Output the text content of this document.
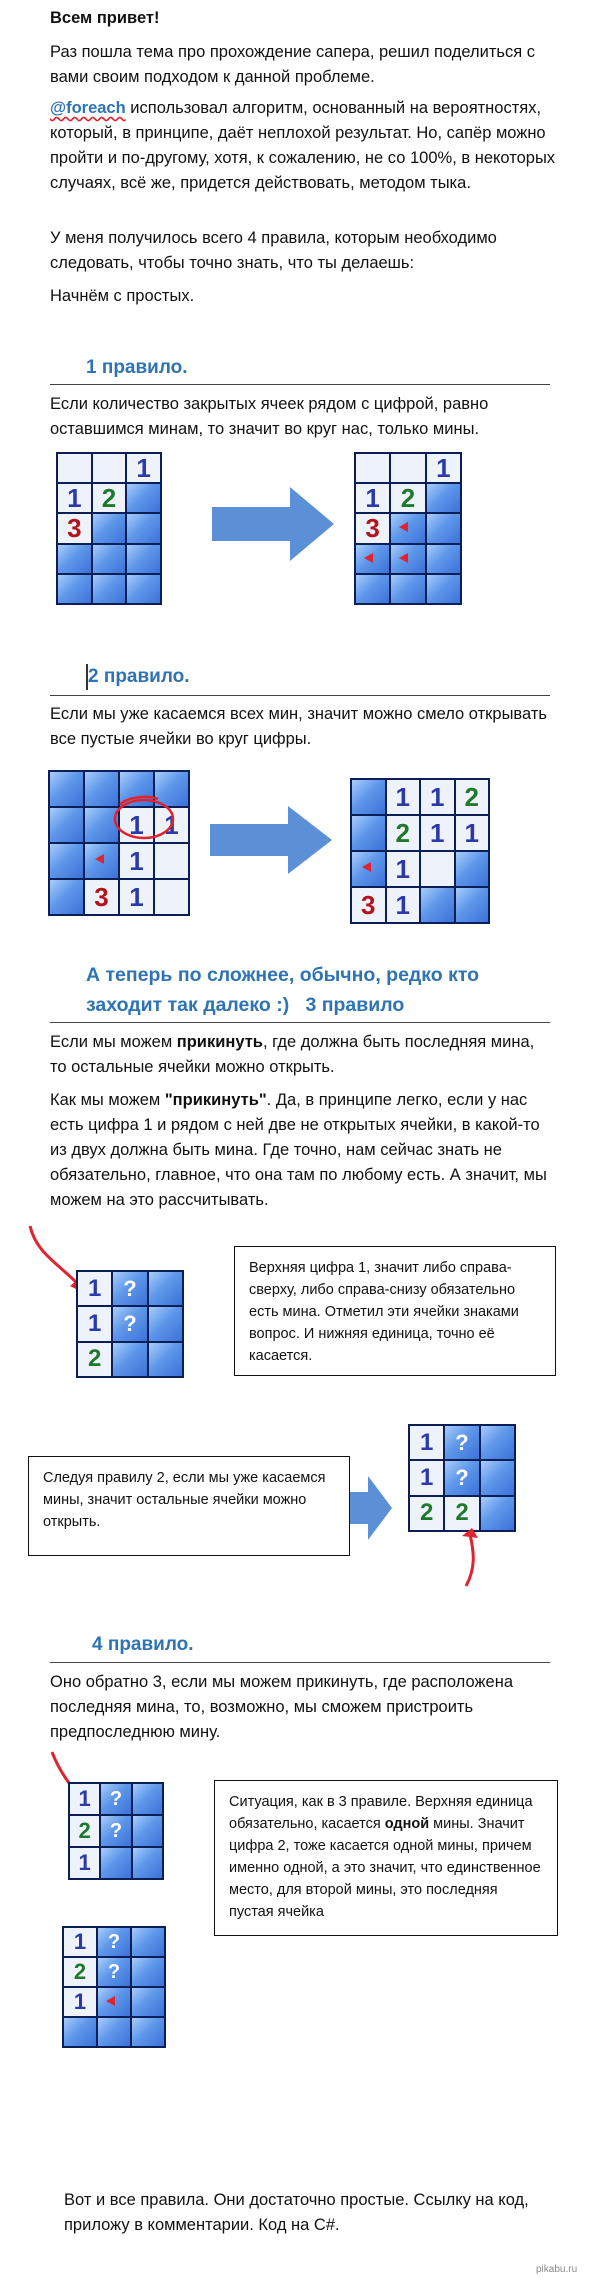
Всем привет!
Раз пошла тема про прохождение сапера, решил поделиться с вами своим подходом к данной проблеме.
@foreach использовал алгоритм, основанный на вероятностях, который, в принципе, даёт неплохой результат. Но, сапёр можно пройти и по-другому, хотя, к сожалению, не со 100%, в некоторых случаях, всё же, придется действовать, методом тыка.
У меня получилось всего 4 правила, которым необходимо следовать, чтобы точно знать, что ты делаешь:
Начнём с простых.
1 правило.
Если количество закрытых ячеек рядом с цифрой, равно оставшимся минам, то значит во круг нас, только мины.
1
1 2
3
1
1 2
3
2 правило.
Если мы уже касаемся всех мин, значит можно смело открывать все пустые ячейки во круг цифры.
1 1
1
3 1
1 1 2
2 1 1
1
3 1
А теперь по сложнее, обычно, редко кто
заходит так далеко :)   3 правило
Если мы можем прикинуть, где должна быть последняя мина, то остальные ячейки можно открыть.
Как мы можем "прикинуть". Да, в принципе легко, если у нас есть цифра 1 и рядом с ней две не открытых ячейки, в какой-то из двух должна быть мина. Где точно, нам сейчас знать не обязательно, главное, что она там по любому есть. А значит, мы можем на это рассчитывать.
1 ?
1 ?
2
Верхняя цифра 1, значит либо справа-сверху, либо справа-снизу обязательно есть мина. Отметил эти ячейки знаками вопрос. И нижняя единица, точно её касается.
Следуя правилу 2, если мы уже касаемся мины, значит остальные ячейки можно открыть.
1 ?
1 ?
2 2
4 правило.
Оно обратно 3, если мы можем прикинуть, где расположена последняя мина, то, возможно, мы сможем пристроить предпоследнюю мину.
1 ?
2 ?
1
Ситуация, как в 3 правиле. Верхняя единица обязательно, касается одной мины. Значит цифра 2, тоже касается одной мины, причем именно одной, а это значит, что единственное место, для второй мины, это последняя пустая ячейка
1	?
2	?
1
Вот и все правила. Они достаточно простые. Ссылку на код, приложу в комментарии. Код на C#.
pikabu.ru
